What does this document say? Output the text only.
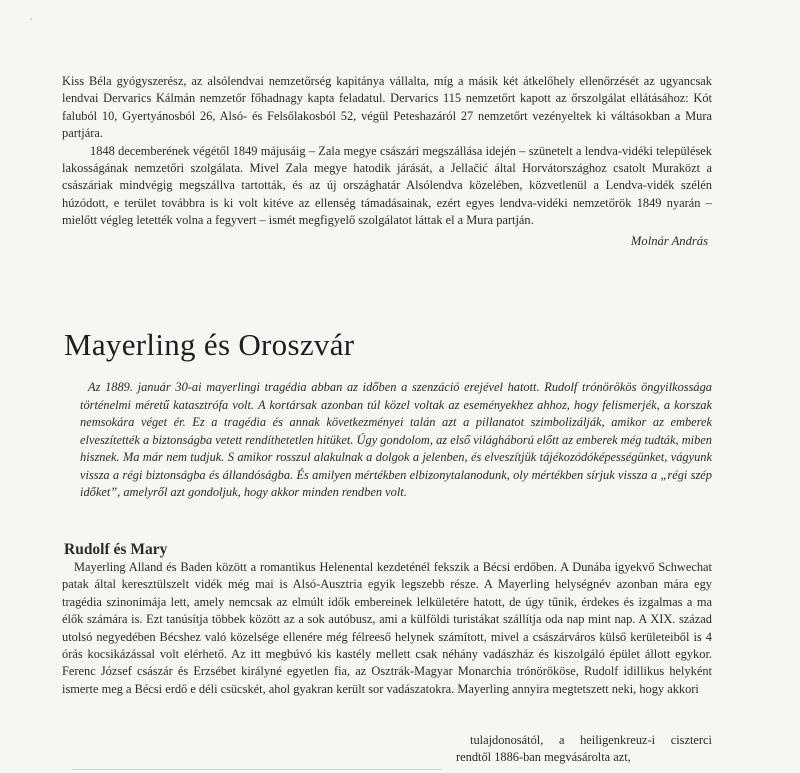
Kiss Béla gyógyszerész, az alsólendvai nemzetőrség kapitánya vállalta, míg a másik két átkelőhely ellenőrzését az ugyancsak lendvai Dervarics Kálmán nemzetőr főhadnagy kapta feladatul. Dervarics 115 nemzetőrt kapott az őrszolgálat ellátásához: Kót faluból 10, Gyertyánosból 26, Alsó- és Felsőlakosból 52, végül Peteshazáról 27 nemzetőrt vezényeltek ki váltásokban a Mura partjára.

1848 decemberének végétől 1849 májusáig – Zala megye császári megszállása idején – szünetelt a lendva-vidéki települések lakosságának nemzetőri szolgálata. Mivel Zala megye hatodik járását, a Jellačić által Horvátországhoz csatolt Muraközt a császáriak mindvégig megszállva tartották, és az új országhatár Alsólendva közelében, közvetlenül a Lendva-vidék szélén húzódott, e terület továbbra is ki volt kitéve az ellenség támadásainak, ezért egyes lendva-vidéki nemzetőrök 1849 nyarán – mielőtt végleg letették volna a fegyvert – ismét megfigyelő szolgálatot láttak el a Mura partján.

Molnár András
Mayerling és Oroszvár

Az 1889. január 30-ai mayerlingi tragédia abban az időben a szenzáció erejével hatott. Rudolf trónörökös öngyilkossága történelmi méretű katasztrófa volt. A kortársak azonban túl közel voltak az eseményekhez ahhoz, hogy felismerjék, a korszak nemsokára véget ér. Ez a tragédia és annak következményei talán azt a pillanatot szimbolizálják, amikor az emberek elveszítették a biztonságba vetett rendíthetetlen hitüket. Úgy gondolom, az első világháború előtt az emberek még tudták, miben hisznek. Ma már nem tudjuk. S amikor rosszul alakulnak a dolgok a jelenben, és elveszítjük tájékozódóképességünket, vágyunk vissza a régi biztonságba és állandóságba. És amilyen mértékben elbizonytalanodunk, oly mértékben sírjuk vissza a „régi szép időket”, amelyről azt gondoljuk, hogy akkor minden rendben volt.

Rudolf és Mary

Mayerling Alland és Baden között a romantikus Helenental kezdeténél fekszik a Bécsi erdőben. A Dunába igyekvő Schwechat patak által keresztülszelt vidék még mai is Alsó-Ausztria egyik legszebb része. A Mayerling helységnév azonban mára egy tragédia szinonimája lett, amely nemcsak az elmúlt idők embereinek lelkületére hatott, de úgy tűnik, érdekes és izgalmas a ma élők számára is. Ezt tanúsítja többek között az a sok autóbusz, ami a külföldi turistákat szállítja oda nap mint nap. A XIX. század utolsó negyedében Bécshez való közelsége ellenére még félreeső helynek számított, mivel a császárváros külső kerületeiből is 4 órás kocsikázással volt elérhető. Az itt megbúvó kis kastély mellett csak néhány vadászház és kiszolgáló épület állott egykor. Ferenc József császár és Erzsébet királyné egyetlen fia, az Osztrák-Magyar Monarchia trónörököse, Rudolf idillikus helyként ismerte meg a Bécsi erdő e déli csücskét, ahol gyakran került sor vadászatokra. Mayerling annyira megtetszett neki, hogy akkori

tulajdonosától, a heiligenkreuz-i ciszterci rendtől 1886-ban megvásárolta azt,
